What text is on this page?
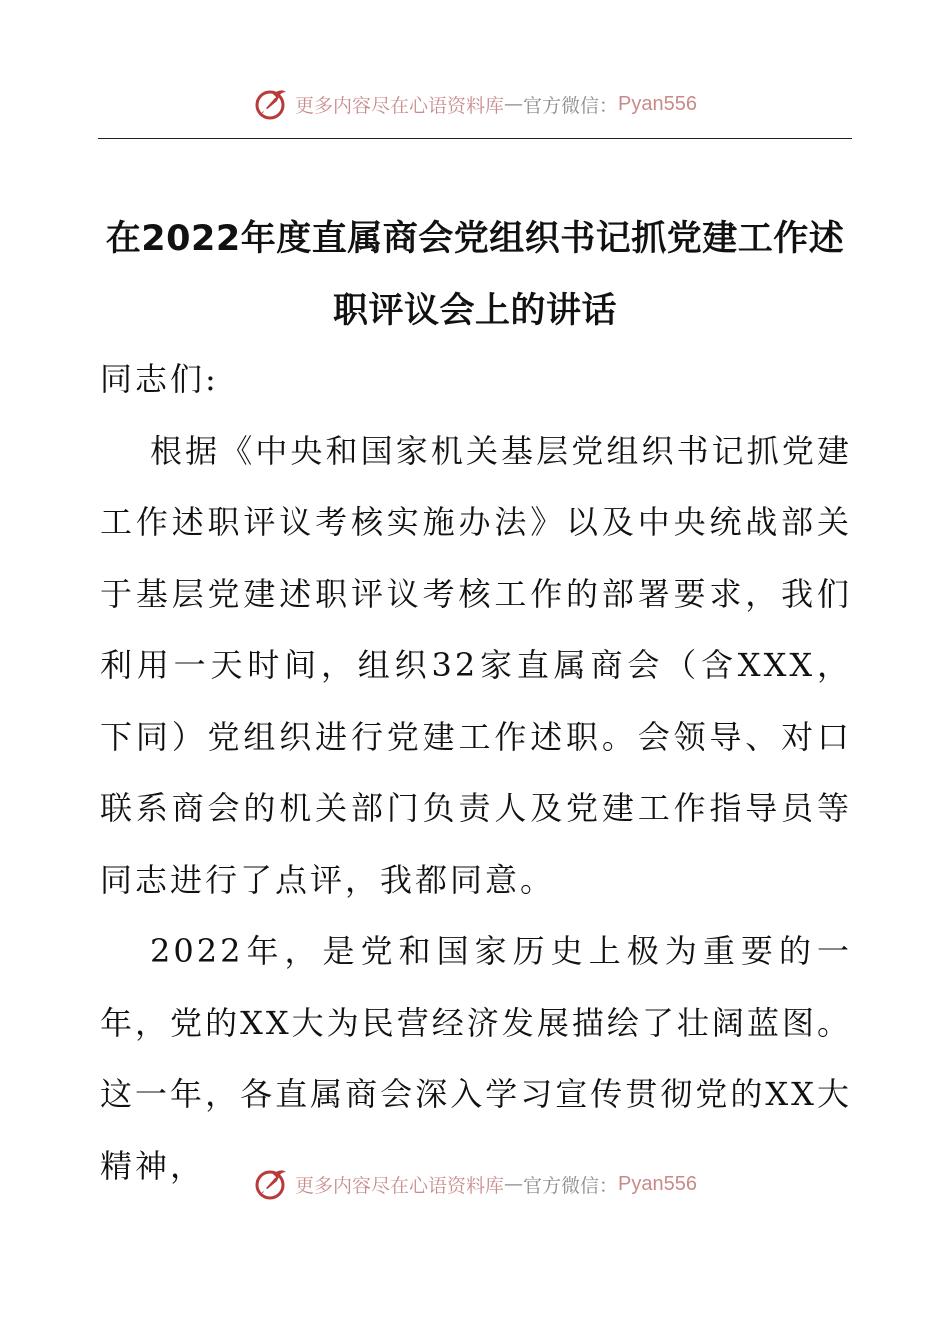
更多内容尽在心语资料库 — 官方微信： Pyan556
在2022年度直属商会党组织书记抓党建工作述职评议会上的讲话

同志们:

根据《中央和国家机关基层党组织书记抓党建工作述职评议考核实施办法》以及中央统战部关于基层党建述职评议考核工作的部署要求，我们利用一天时间，组织32家直属商会（含XXX，下同）党组织进行党建工作述职。会领导、对口联系商会的机关部门负责人及党建工作指导员等同志进行了点评，我都同意。

2022年，是党和国家历史上极为重要的一年，党的XX大为民营经济发展描绘了壮阔蓝图。这一年，各直属商会深入学习宣传贯彻党的XX大精神，

更多内容尽在心语资料库 — 官方微信： Pyan556
